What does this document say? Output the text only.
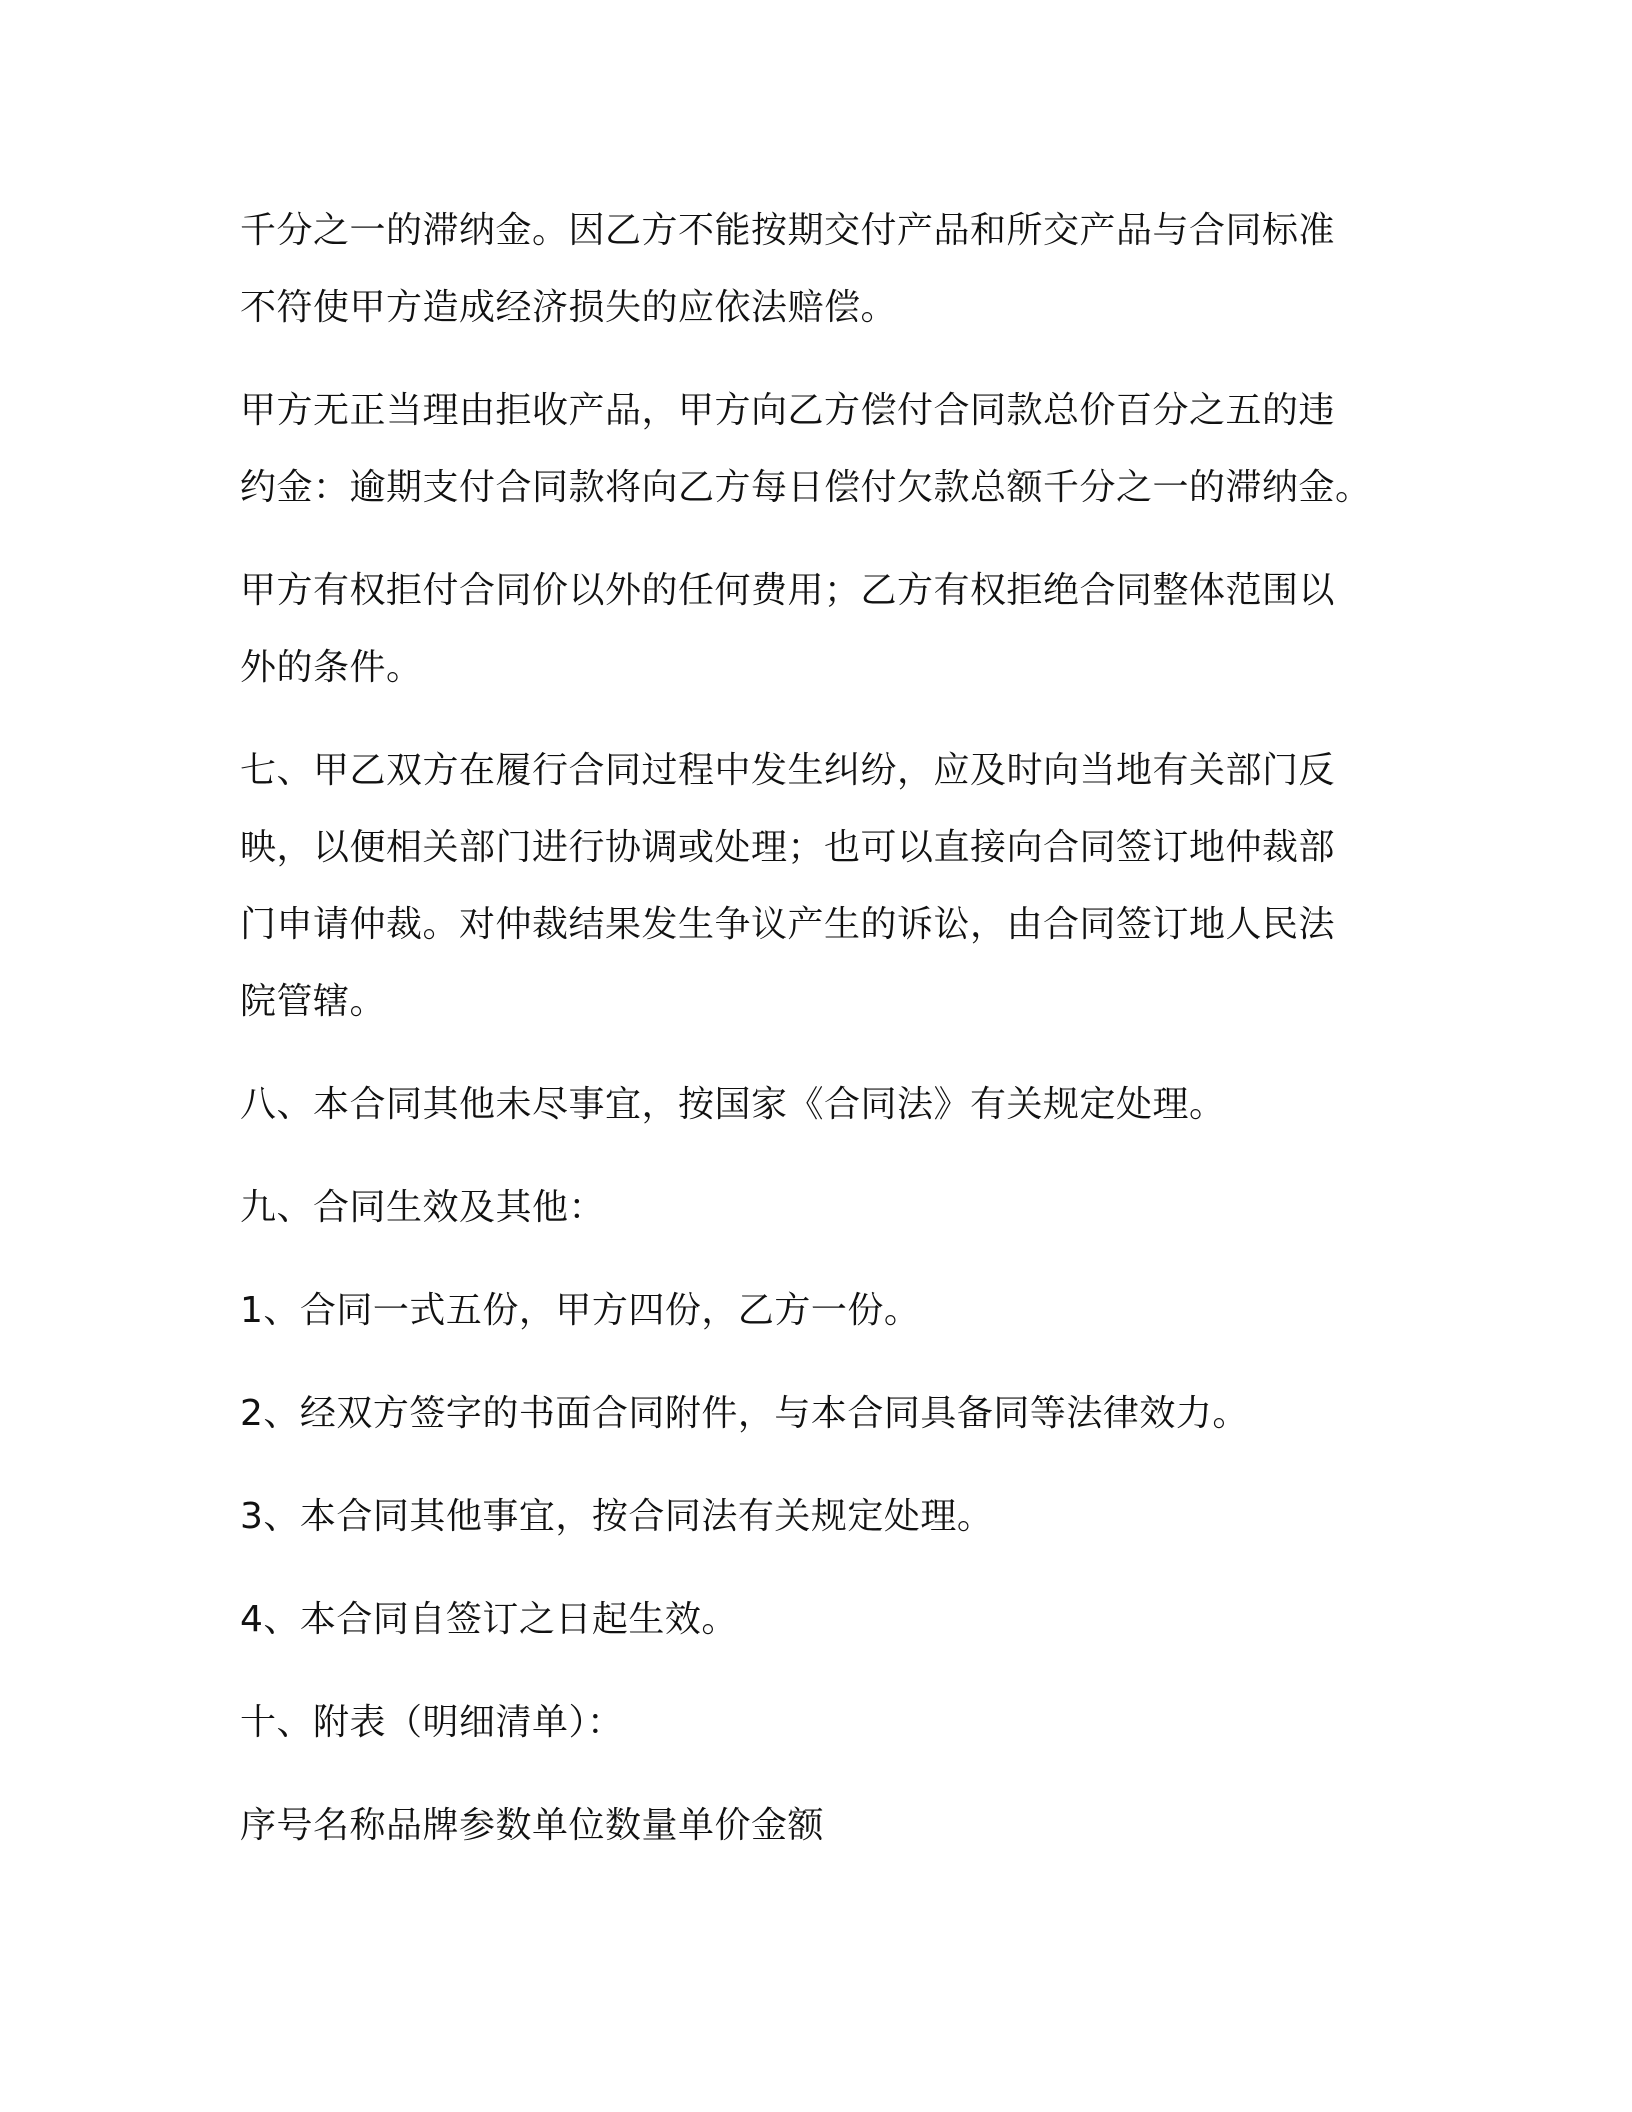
千分之一的滞纳金。因乙方不能按期交付产品和所交产品与合同标准
不符使甲方造成经济损失的应依法赔偿。

甲方无正当理由拒收产品，甲方向乙方偿付合同款总价百分之五的违
约金：逾期支付合同款将向乙方每日偿付欠款总额千分之一的滞纳金。

甲方有权拒付合同价以外的任何费用；乙方有权拒绝合同整体范围以
外的条件。

七、甲乙双方在履行合同过程中发生纠纷，应及时向当地有关部门反
映，以便相关部门进行协调或处理；也可以直接向合同签订地仲裁部
门申请仲裁。对仲裁结果发生争议产生的诉讼，由合同签订地人民法
院管辖。

八、本合同其他未尽事宜，按国家《合同法》有关规定处理。

九、合同生效及其他：

1、合同一式五份，甲方四份，乙方一份。

2、经双方签字的书面合同附件，与本合同具备同等法律效力。

3、本合同其他事宜，按合同法有关规定处理。

4、本合同自签订之日起生效。

十、附表（明细清单）：

序号名称品牌参数单位数量单价金额
